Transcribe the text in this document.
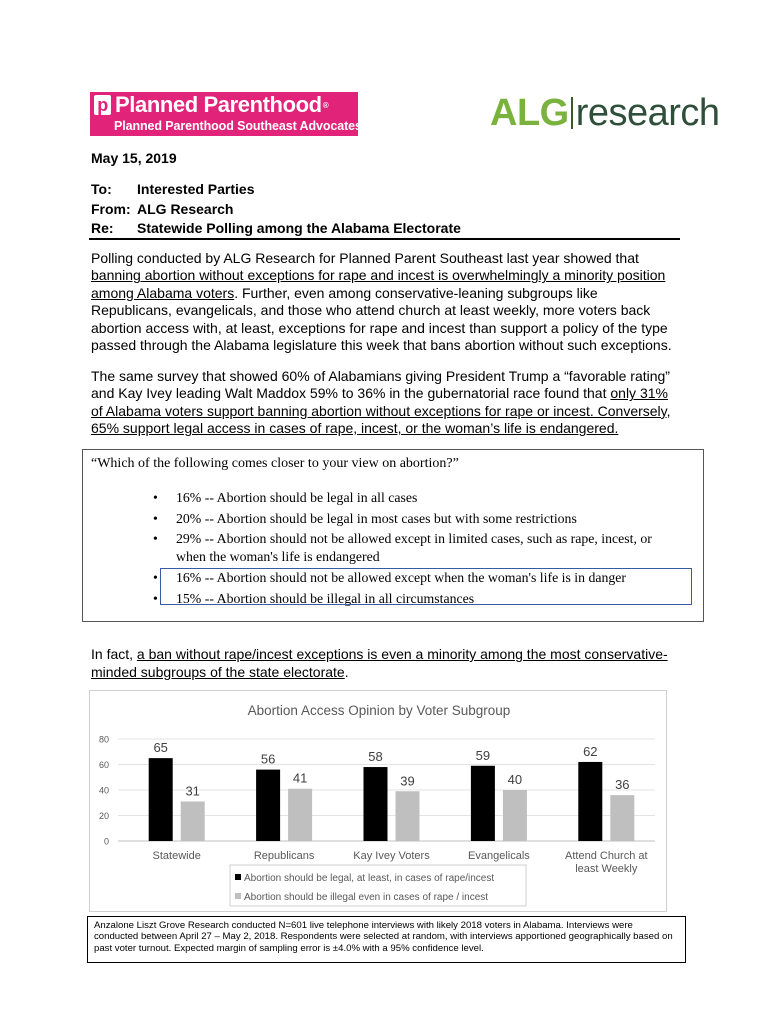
p Planned Parenthood ®
Planned Parenthood Southeast Advocates	ALG research
May 15, 2019
To: Interested Parties
From: ALG Research
Re: Statewide Polling among the Alabama Electorate
Polling conducted by ALG Research for Planned Parent Southeast last year showed that banning abortion without exceptions for rape and incest is overwhelmingly a minority position among Alabama voters. Further, even among conservative-leaning subgroups like Republicans, evangelicals, and those who attend church at least weekly, more voters back abortion access with, at least, exceptions for rape and incest than support a policy of the type passed through the Alabama legislature this week that bans abortion without such exceptions.
The same survey that showed 60% of Alabamians giving President Trump a “favorable rating” and Kay Ivey leading Walt Maddox 59% to 36% in the gubernatorial race found that only 31% of Alabama voters support banning abortion without exceptions for rape or incest. Conversely, 65% support legal access in cases of rape, incest, or the woman’s life is endangered.
“Which of the following comes closer to your view on abortion?”
• 16% -- Abortion should be legal in all cases
• 20% -- Abortion should be legal in most cases but with some restrictions
• 29% -- Abortion should not be allowed except in limited cases, such as rape, incest, or
when the woman's life is endangered
• 16% -- Abortion should not be allowed except when the woman's life is in danger
• 15% -- Abortion should be illegal in all circumstances
In fact, a ban without rape/incest exceptions is even a minority among the most conservative-minded subgroups of the state electorate.
Abortion Access Opinion by Voter Subgroup
0
20
40
60
80
65
31
Statewide
56
41
Republicans
58
39
Kay Ivey Voters
59
40
Evangelicals
62
36
Attend Church at
least Weekly
Abortion should be legal, at least, in cases of rape/incest
Abortion should be illegal even in cases of rape / incest
Anzalone Liszt Grove Research conducted N=601 live telephone interviews with likely 2018 voters in Alabama. Interviews were conducted between April 27 – May 2, 2018. Respondents were selected at random, with interviews apportioned geographically based on past voter turnout. Expected margin of sampling error is ±4.0% with a 95% confidence level.
